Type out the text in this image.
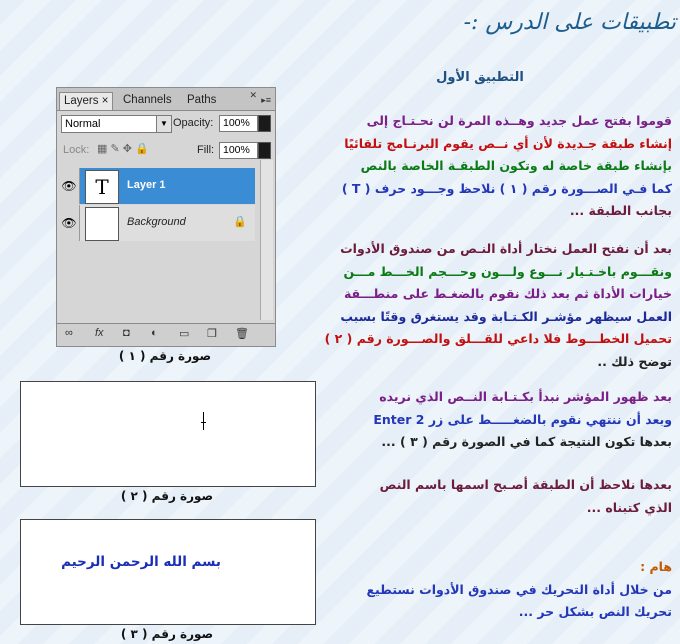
تطبيقات على الدرس :-
التطبيق الأول
Layers ×	Channels	Paths	✕ ▸≡
Normal	▼ Opacity: 100%
Lock: ▦ ✎ ✥ 🔒	Fill: 100%
👁 T	Layer 1
👁	Background	🔒
∞ fx ◘ ◐ ▭ ❐ 🗑
صورة رقم ( ١ )
صورة رقم ( ٢ )
بسم الله الرحمن الرحيم
صورة رقم ( ٣ )
قوموا بفتح عمل جديد وهــذه المرة لن نحـتـاج إلى
إنشاء طبقة جـديدة لأن أي نــص يقوم البرنـامج تلقائيًا
بإنشاء طبقة خاصة له وتكون الطبقـة الخاصة بالنص
كما فـي الصـــورة رقم ( ١ ) نلاحظ وجـــود حرف ( T )
بجانب الطبقة ...
بعد أن نفتح العمل نختار أداة النـص من صندوق الأدوات
ونقـــوم باخـتـيار نـــوع ولـــون وحـــجم الخـــط مـــن
خيارات الأداة ثم بعد ذلك نقوم بالضغـط على منطـــقة
العمل سيظهر مؤشـر الكـتـابة وقد يستغرق وقتًا بسبب
تحميل الخطـــوط فلا داعي للقـــلق والصـــورة رقم ( ٢ )
توضح ذلك ..
بعد ظهور المؤشر نبدأ بكـتـابة النــص الذي نريده
وبعد أن ننتهي نقوم بالضغـــــط على زر Enter 2
بعدها تكون النتيجة كما في الصورة رقم ( ٣ ) ...
بعدها نلاحظ أن الطبقة أصـبح اسمها باسم النص
الذي كتبناه ...
هام :
من خلال أداة التحريك في صندوق الأدوات نستطيع
تحريك النص بشكل حر ...
